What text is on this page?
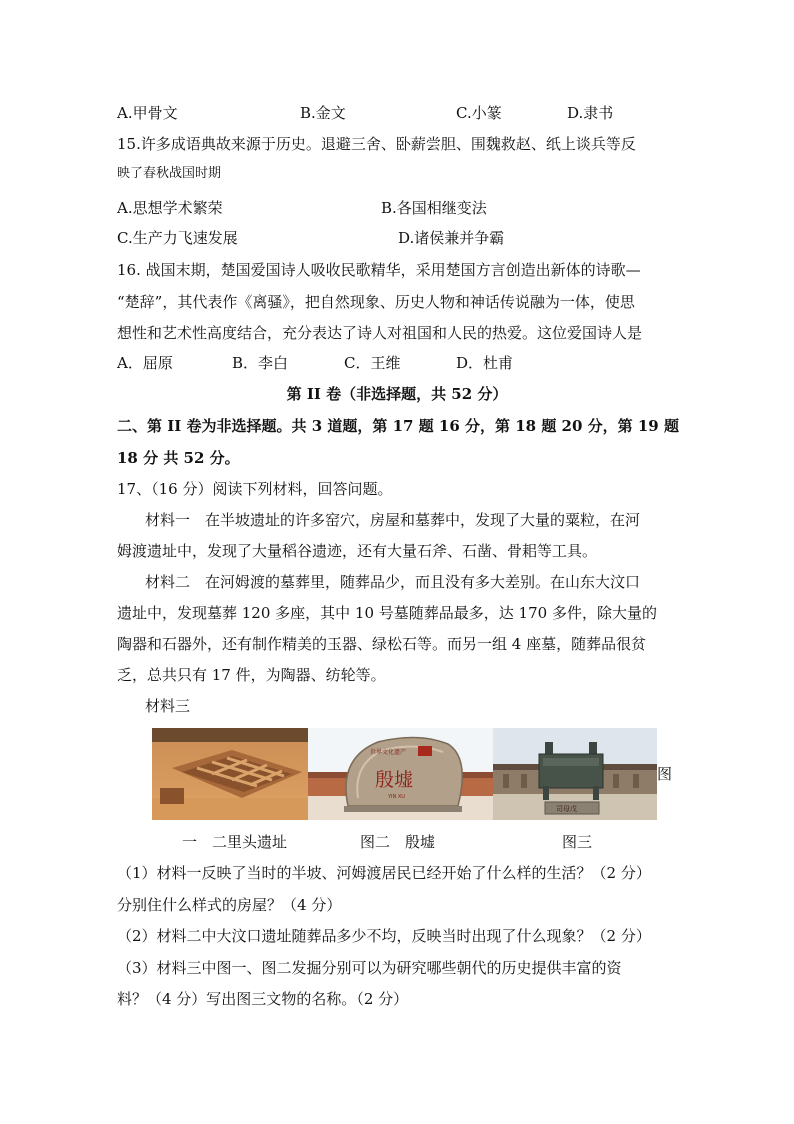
A.甲骨文	B.金文	C.小篆	D.隶书
15.许多成语典故来源于历史。退避三舍、卧薪尝胆、围魏救赵、纸上谈兵等反
映了春秋战国时期
A.思想学术繁荣	B.各国相继变法
C.生产力飞速发展	D.诸侯兼并争霸
16. 战国末期，楚国爱国诗人吸收民歌精华，采用楚国方言创造出新体的诗歌—
“楚辞”，其代表作《离骚》，把自然现象、历史人物和神话传说融为一体，使思
想性和艺术性高度结合，充分表达了诗人对祖国和人民的热爱。这位爱国诗人是
A．屈原	B．李白	C．王维	D．杜甫
第 II 卷（非选择题，共 52 分）
二、第 II 卷为非选择题。共 3 道题，第 17 题 16 分，第 18 题 20 分，第 19 题
18 分 共 52 分。
17、（16 分）阅读下列材料，回答问题。
材料一　在半坡遗址的许多窑穴，房屋和墓葬中，发现了大量的粟粒，在河
姆渡遗址中，发现了大量稻谷遗迹，还有大量石斧、石凿、骨耜等工具。
材料二　在河姆渡的墓葬里，随葬品少，而且没有多大差别。在山东大汶口
遗址中，发现墓葬 120 多座，其中 10 号墓随葬品最多，达 170 多件，除大量的
陶器和石器外，还有制作精美的玉器、绿松石等。而另一组 4 座墓，随葬品很贫
乏，总共只有 17 件，为陶器、纺轮等。
材料三
世界文化遗产
殷墟
YIN XU
司母戊
图
一　二里头遗址	图二　殷墟	图三
（1）材料一反映了当时的半坡、河姆渡居民已经开始了什么样的生活？（2 分）
分别住什么样式的房屋？（4 分）
（2）材料二中大汶口遗址随葬品多少不均，反映当时出现了什么现象？（2 分）
（3）材料三中图一、图二发掘分别可以为研究哪些朝代的历史提供丰富的资
料？（4 分）写出图三文物的名称。（2 分）
